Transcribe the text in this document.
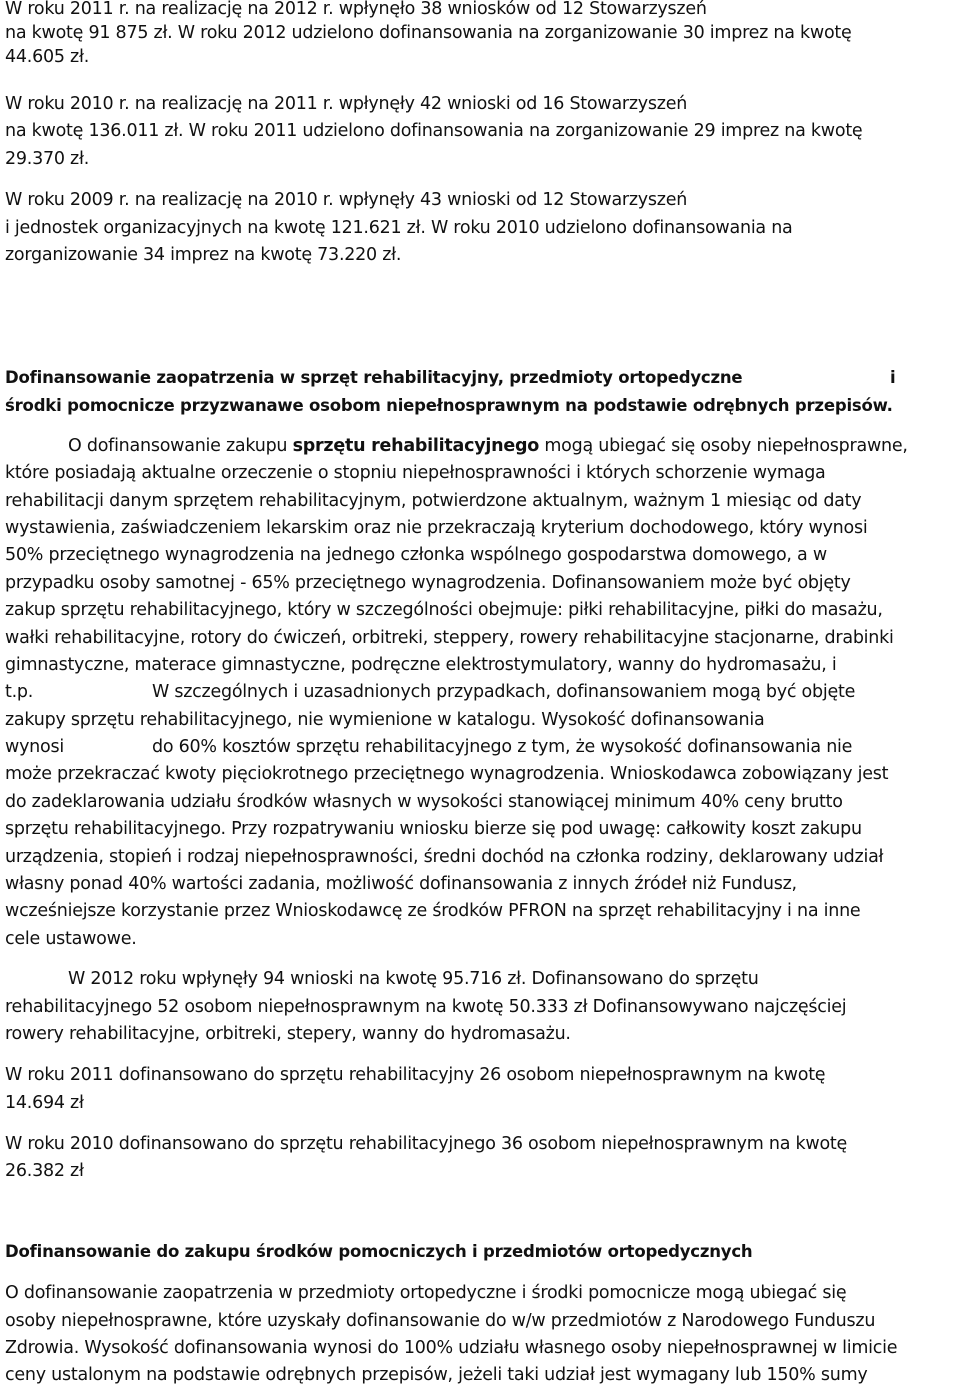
W roku 2011 r. na realizację na 2012 r. wpłynęło 38 wniosków od 12 Stowarzyszeń
na kwotę 91 875 zł. W roku 2012 udzielono dofinansowania na zorganizowanie 30 imprez na kwotę
44.605 zł.
W roku 2010 r. na realizację na 2011 r. wpłynęły 42 wnioski od 16 Stowarzyszeń
na kwotę 136.011 zł. W roku 2011 udzielono dofinansowania na zorganizowanie 29 imprez na kwotę
29.370 zł.
W roku 2009 r. na realizację na 2010 r. wpłynęły 43 wnioski od 12 Stowarzyszeń
i jednostek organizacyjnych na kwotę 121.621 zł. W roku 2010 udzielono dofinansowania na
zorganizowanie 34 imprez na kwotę 73.220 zł.
Dofinansowanie zaopatrzenia w sprzęt rehabilitacyjny, przedmioty ortopedyczne	i
środki pomocnicze przyzwanawe osobom niepełnosprawnym na podstawie odrębnych przepisów.
O dofinansowanie zakupu sprzętu rehabilitacyjnego mogą ubiegać się osoby niepełnosprawne,
które posiadają aktualne orzeczenie o stopniu niepełnosprawności i których schorzenie wymaga
rehabilitacji danym sprzętem rehabilitacyjnym, potwierdzone aktualnym, ważnym 1 miesiąc od daty
wystawienia, zaświadczeniem lekarskim oraz nie przekraczają kryterium dochodowego, który wynosi
50% przeciętnego wynagrodzenia na jednego członka wspólnego gospodarstwa domowego, a w
przypadku osoby samotnej - 65% przeciętnego wynagrodzenia. Dofinansowaniem może być objęty
zakup sprzętu rehabilitacyjnego, który w szczególności obejmuje: piłki rehabilitacyjne, piłki do masażu,
wałki rehabilitacyjne, rotory do ćwiczeń, orbitreki, steppery, rowery rehabilitacyjne stacjonarne, drabinki
gimnastyczne, materace gimnastyczne, podręczne elektrostymulatory, wanny do hydromasażu, i
t.p.	W szczególnych i uzasadnionych przypadkach, dofinansowaniem mogą być objęte
zakupy sprzętu rehabilitacyjnego, nie wymienione w katalogu. Wysokość dofinansowania
wynosi	do 60% kosztów sprzętu rehabilitacyjnego z tym, że wysokość dofinansowania nie
może przekraczać kwoty pięciokrotnego przeciętnego wynagrodzenia. Wnioskodawca zobowiązany jest
do zadeklarowania udziału środków własnych w wysokości stanowiącej minimum 40% ceny brutto
sprzętu rehabilitacyjnego. Przy rozpatrywaniu wniosku bierze się pod uwagę: całkowity koszt zakupu
urządzenia, stopień i rodzaj niepełnosprawności, średni dochód na członka rodziny, deklarowany udział
własny ponad 40% wartości zadania, możliwość dofinansowania z innych źródeł niż Fundusz,
wcześniejsze korzystanie przez Wnioskodawcę ze środków PFRON na sprzęt rehabilitacyjny i na inne
cele ustawowe.
W 2012 roku wpłynęły 94 wnioski na kwotę 95.716 zł. Dofinansowano do sprzętu
rehabilitacyjnego 52 osobom niepełnosprawnym na kwotę 50.333 zł Dofinansowywano najczęściej
rowery rehabilitacyjne, orbitreki, stepery, wanny do hydromasażu.
W roku 2011 dofinansowano do sprzętu rehabilitacyjny 26 osobom niepełnosprawnym na kwotę
14.694 zł
W roku 2010 dofinansowano do sprzętu rehabilitacyjnego 36 osobom niepełnosprawnym na kwotę
26.382 zł
Dofinansowanie do zakupu środków pomocniczych i przedmiotów ortopedycznych
O dofinansowanie zaopatrzenia w przedmioty ortopedyczne i środki pomocnicze mogą ubiegać się
osoby niepełnosprawne, które uzyskały dofinansowanie do w/w przedmiotów z Narodowego Funduszu
Zdrowia. Wysokość dofinansowania wynosi do 100% udziału własnego osoby niepełnosprawnej w limicie
ceny ustalonym na podstawie odrębnych przepisów, jeżeli taki udział jest wymagany lub 150% sumy
